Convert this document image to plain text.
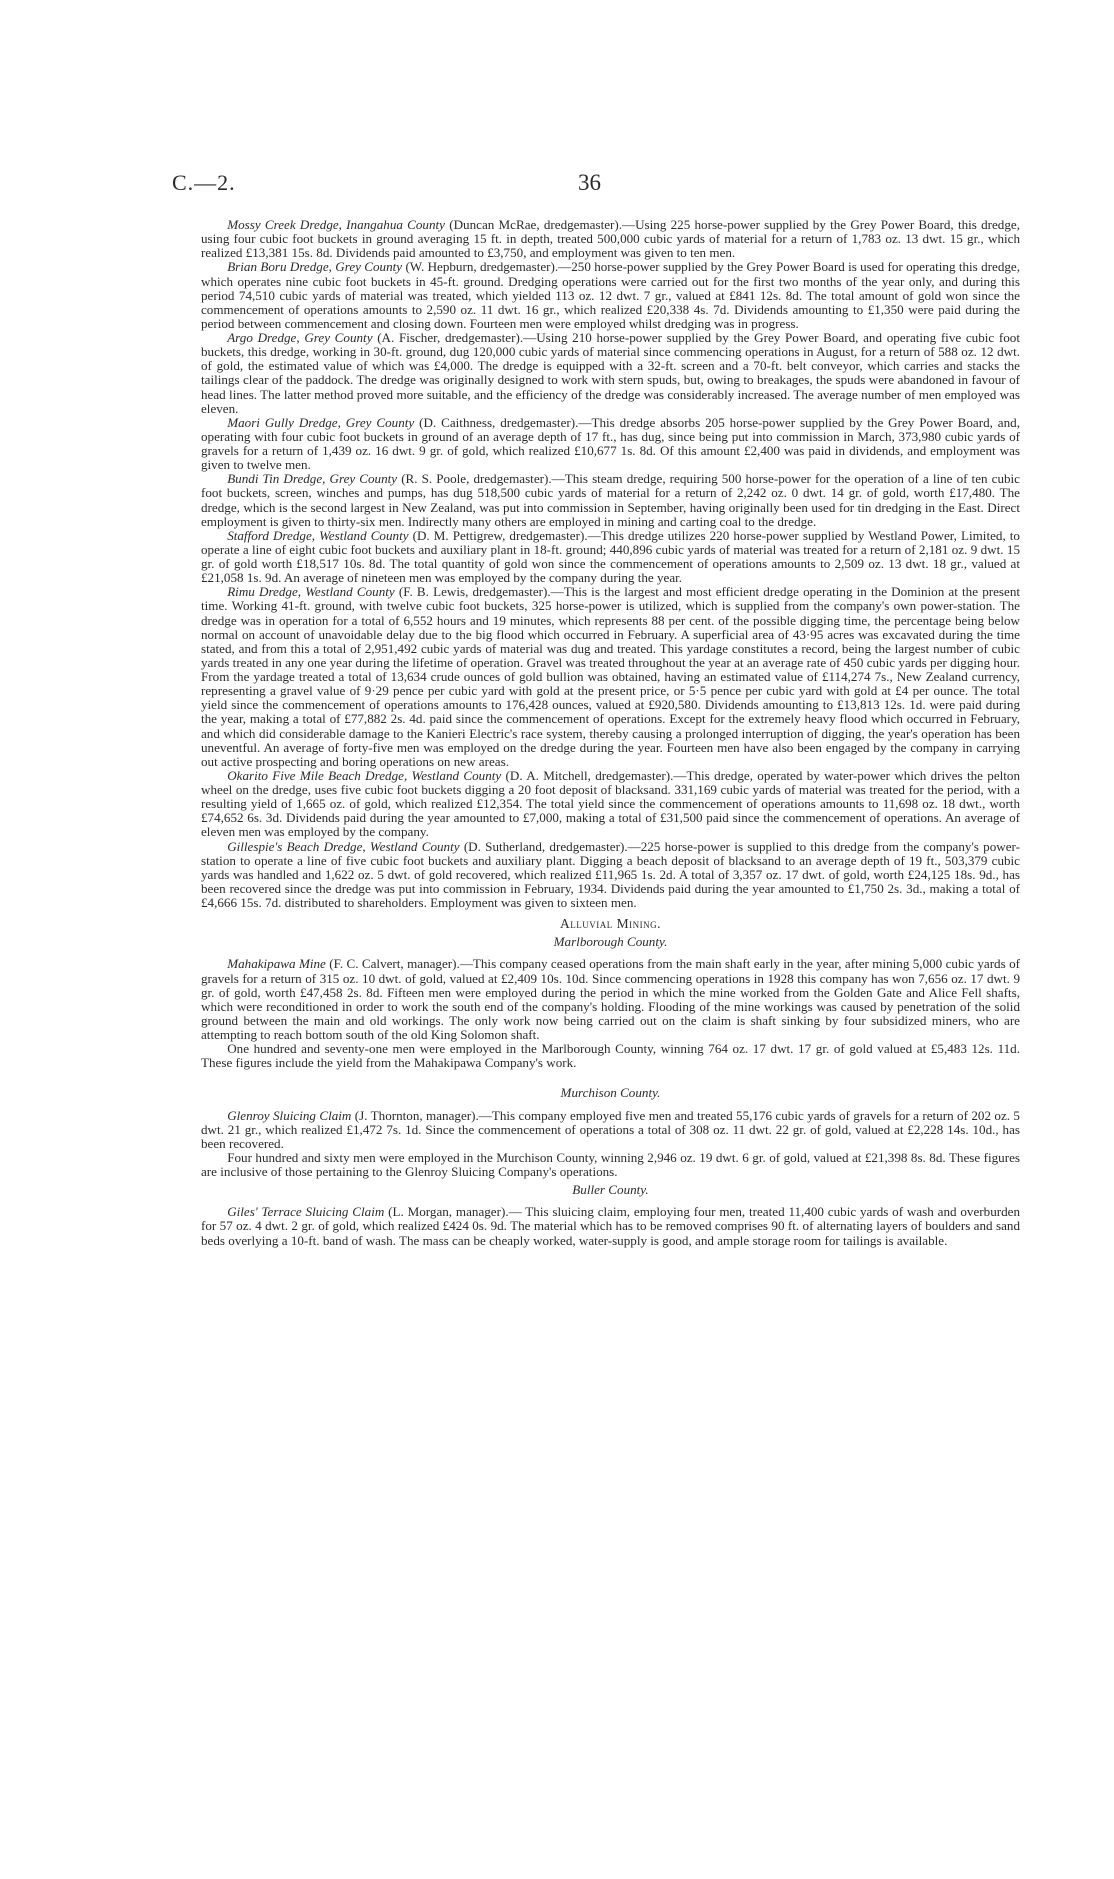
C.—2.	36

Mossy Creek Dredge, Inangahua County (Duncan McRae, dredgemaster).—Using 225 horse-power supplied by the Grey Power Board, this dredge, using four cubic foot buckets in ground averaging 15 ft. in depth, treated 500,000 cubic yards of material for a return of 1,783 oz. 13 dwt. 15 gr., which realized £13,381 15s. 8d. Dividends paid amounted to £3,750, and employment was given to ten men.

Brian Boru Dredge, Grey County (W. Hepburn, dredgemaster).—250 horse-power supplied by the Grey Power Board is used for operating this dredge, which operates nine cubic foot buckets in 45-ft. ground. Dredging operations were carried out for the first two months of the year only, and during this period 74,510 cubic yards of material was treated, which yielded 113 oz. 12 dwt. 7 gr., valued at £841 12s. 8d. The total amount of gold won since the commencement of operations amounts to 2,590 oz. 11 dwt. 16 gr., which realized £20,338 4s. 7d. Dividends amounting to £1,350 were paid during the period between commencement and closing down. Fourteen men were employed whilst dredging was in progress.

Argo Dredge, Grey County (A. Fischer, dredgemaster).—Using 210 horse-power supplied by the Grey Power Board, and operating five cubic foot buckets, this dredge, working in 30-ft. ground, dug 120,000 cubic yards of material since commencing operations in August, for a return of 588 oz. 12 dwt. of gold, the estimated value of which was £4,000. The dredge is equipped with a 32-ft. screen and a 70-ft. belt conveyor, which carries and stacks the tailings clear of the paddock. The dredge was originally designed to work with stern spuds, but, owing to breakages, the spuds were abandoned in favour of head lines. The latter method proved more suitable, and the efficiency of the dredge was considerably increased. The average number of men employed was eleven.

Maori Gully Dredge, Grey County (D. Caithness, dredgemaster).—This dredge absorbs 205 horse-power supplied by the Grey Power Board, and, operating with four cubic foot buckets in ground of an average depth of 17 ft., has dug, since being put into commission in March, 373,980 cubic yards of gravels for a return of 1,439 oz. 16 dwt. 9 gr. of gold, which realized £10,677 1s. 8d. Of this amount £2,400 was paid in dividends, and employment was given to twelve men.

Bundi Tin Dredge, Grey County (R. S. Poole, dredgemaster).—This steam dredge, requiring 500 horse-power for the operation of a line of ten cubic foot buckets, screen, winches and pumps, has dug 518,500 cubic yards of material for a return of 2,242 oz. 0 dwt. 14 gr. of gold, worth £17,480. The dredge, which is the second largest in New Zealand, was put into commission in September, having originally been used for tin dredging in the East. Direct employment is given to thirty-six men. Indirectly many others are employed in mining and carting coal to the dredge.

Stafford Dredge, Westland County (D. M. Pettigrew, dredgemaster).—This dredge utilizes 220 horse-power supplied by Westland Power, Limited, to operate a line of eight cubic foot buckets and auxiliary plant in 18-ft. ground; 440,896 cubic yards of material was treated for a return of 2,181 oz. 9 dwt. 15 gr. of gold worth £18,517 10s. 8d. The total quantity of gold won since the commencement of operations amounts to 2,509 oz. 13 dwt. 18 gr., valued at £21,058 1s. 9d. An average of nineteen men was employed by the company during the year.

Rimu Dredge, Westland County (F. B. Lewis, dredgemaster).—This is the largest and most efficient dredge operating in the Dominion at the present time. Working 41-ft. ground, with twelve cubic foot buckets, 325 horse-power is utilized, which is supplied from the company's own power-station. The dredge was in operation for a total of 6,552 hours and 19 minutes, which represents 88 per cent. of the possible digging time, the percentage being below normal on account of unavoidable delay due to the big flood which occurred in February. A superficial area of 43·95 acres was excavated during the time stated, and from this a total of 2,951,492 cubic yards of material was dug and treated. This yardage constitutes a record, being the largest number of cubic yards treated in any one year during the lifetime of operation. Gravel was treated throughout the year at an average rate of 450 cubic yards per digging hour. From the yardage treated a total of 13,634 crude ounces of gold bullion was obtained, having an estimated value of £114,274 7s., New Zealand currency, representing a gravel value of 9·29 pence per cubic yard with gold at the present price, or 5·5 pence per cubic yard with gold at £4 per ounce. The total yield since the commencement of operations amounts to 176,428 ounces, valued at £920,580. Dividends amounting to £13,813 12s. 1d. were paid during the year, making a total of £77,882 2s. 4d. paid since the commencement of operations. Except for the extremely heavy flood which occurred in February, and which did considerable damage to the Kanieri Electric's race system, thereby causing a prolonged interruption of digging, the year's operation has been uneventful. An average of forty-five men was employed on the dredge during the year. Fourteen men have also been engaged by the company in carrying out active prospecting and boring operations on new areas.

Okarito Five Mile Beach Dredge, Westland County (D. A. Mitchell, dredgemaster).—This dredge, operated by water-power which drives the pelton wheel on the dredge, uses five cubic foot buckets digging a 20 foot deposit of blacksand. 331,169 cubic yards of material was treated for the period, with a resulting yield of 1,665 oz. of gold, which realized £12,354. The total yield since the commencement of operations amounts to 11,698 oz. 18 dwt., worth £74,652 6s. 3d. Dividends paid during the year amounted to £7,000, making a total of £31,500 paid since the commencement of operations. An average of eleven men was employed by the company.

Gillespie's Beach Dredge, Westland County (D. Sutherland, dredgemaster).—225 horse-power is supplied to this dredge from the company's power-station to operate a line of five cubic foot buckets and auxiliary plant. Digging a beach deposit of blacksand to an average depth of 19 ft., 503,379 cubic yards was handled and 1,622 oz. 5 dwt. of gold recovered, which realized £11,965 1s. 2d. A total of 3,357 oz. 17 dwt. of gold, worth £24,125 18s. 9d., has been recovered since the dredge was put into commission in February, 1934. Dividends paid during the year amounted to £1,750 2s. 3d., making a total of £4,666 15s. 7d. distributed to shareholders. Employment was given to sixteen men.

Alluvial Mining.
Marlborough County.

Mahakipawa Mine (F. C. Calvert, manager).—This company ceased operations from the main shaft early in the year, after mining 5,000 cubic yards of gravels for a return of 315 oz. 10 dwt. of gold, valued at £2,409 10s. 10d. Since commencing operations in 1928 this company has won 7,656 oz. 17 dwt. 9 gr. of gold, worth £47,458 2s. 8d. Fifteen men were employed during the period in which the mine worked from the Golden Gate and Alice Fell shafts, which were reconditioned in order to work the south end of the company's holding. Flooding of the mine workings was caused by penetration of the solid ground between the main and old workings. The only work now being carried out on the claim is shaft sinking by four subsidized miners, who are attempting to reach bottom south of the old King Solomon shaft.

One hundred and seventy-one men were employed in the Marlborough County, winning 764 oz. 17 dwt. 17 gr. of gold valued at £5,483 12s. 11d. These figures include the yield from the Mahakipawa Company's work.

Murchison County.

Glenroy Sluicing Claim (J. Thornton, manager).—This company employed five men and treated 55,176 cubic yards of gravels for a return of 202 oz. 5 dwt. 21 gr., which realized £1,472 7s. 1d. Since the commencement of operations a total of 308 oz. 11 dwt. 22 gr. of gold, valued at £2,228 14s. 10d., has been recovered.

Four hundred and sixty men were employed in the Murchison County, winning 2,946 oz. 19 dwt. 6 gr. of gold, valued at £21,398 8s. 8d. These figures are inclusive of those pertaining to the Glenroy Sluicing Company's operations.

Buller County.

Giles' Terrace Sluicing Claim (L. Morgan, manager).— This sluicing claim, employing four men, treated 11,400 cubic yards of wash and overburden for 57 oz. 4 dwt. 2 gr. of gold, which realized £424 0s. 9d. The material which has to be removed comprises 90 ft. of alternating layers of boulders and sand beds overlying a 10-ft. band of wash. The mass can be cheaply worked, water-supply is good, and ample storage room for tailings is available.
